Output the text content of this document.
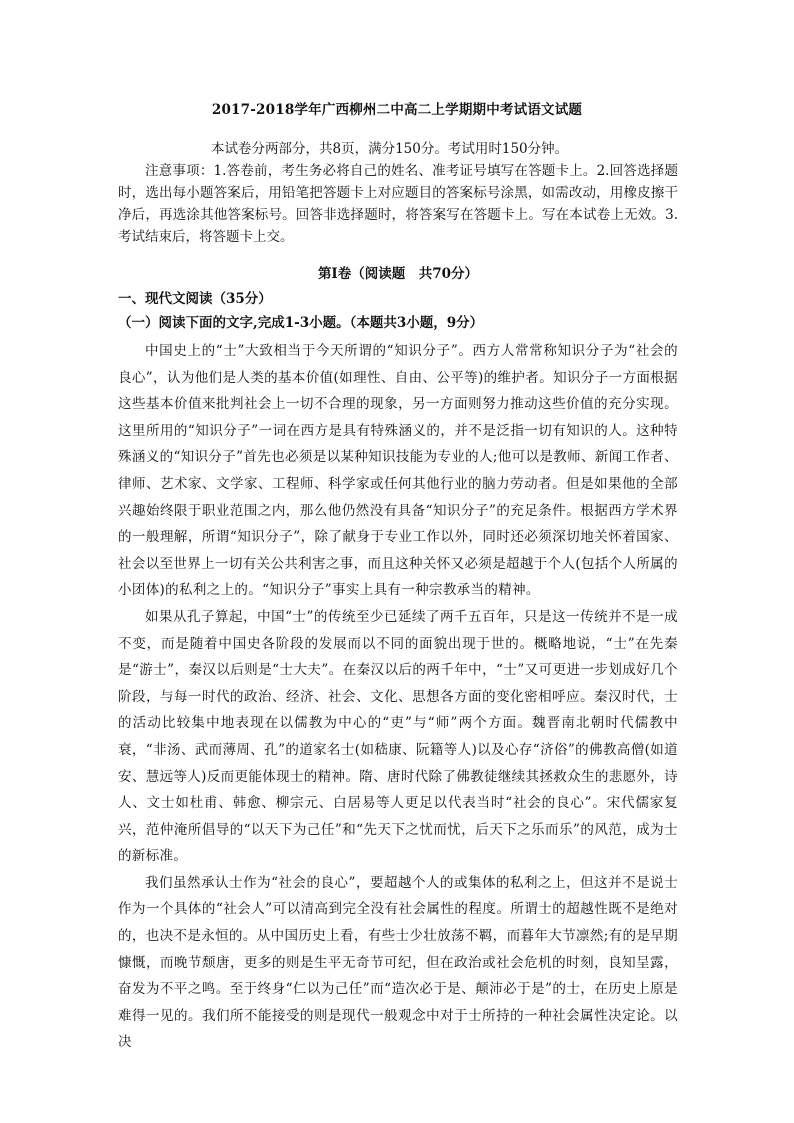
2017-2018学年广西柳州二中高二上学期期中考试语文试题

本试卷分两部分，共8页，满分150分。考试用时150分钟。

注意事项：1.答卷前，考生务必将自己的姓名、准考证号填写在答题卡上。2.回答选择题时，选出每小题答案后，用铅笔把答题卡上对应题目的答案标号涂黑，如需改动，用橡皮擦干净后，再选涂其他答案标号。回答非选择题时，将答案写在答题卡上。写在本试卷上无效。3.考试结束后，将答题卡上交。

第Ⅰ卷（阅读题　共70分）
一、现代文阅读（35分）
（一）阅读下面的文字,完成1-3小题。（本题共3小题，9分）

中国史上的“士”大致相当于今天所谓的“知识分子”。西方人常常称知识分子为“社会的良心”，认为他们是人类的基本价值(如理性、自由、公平等)的维护者。知识分子一方面根据这些基本价值来批判社会上一切不合理的现象，另一方面则努力推动这些价值的充分实现。这里所用的“知识分子”一词在西方是具有特殊涵义的，并不是泛指一切有知识的人。这种特殊涵义的“知识分子”首先也必须是以某种知识技能为专业的人;他可以是教师、新闻工作者、律师、艺术家、文学家、工程师、科学家或任何其他行业的脑力劳动者。但是如果他的全部兴趣始终限于职业范围之内，那么他仍然没有具备“知识分子”的充足条件。根据西方学术界的一般理解，所谓“知识分子”，除了献身于专业工作以外，同时还必须深切地关怀着国家、社会以至世界上一切有关公共利害之事，而且这种关怀又必须是超越于个人(包括个人所属的小团体)的私利之上的。“知识分子”事实上具有一种宗教承当的精神。

如果从孔子算起，中国“士”的传统至少已延续了两千五百年，只是这一传统并不是一成不变，而是随着中国史各阶段的发展而以不同的面貌出现于世的。概略地说，“士”在先秦是“游士”，秦汉以后则是“士大夫”。在秦汉以后的两千年中，“士”又可更进一步划成好几个阶段，与每一时代的政治、经济、社会、文化、思想各方面的变化密相呼应。秦汉时代，士的活动比较集中地表现在以儒教为中心的“吏”与“师”两个方面。魏晋南北朝时代儒教中衰，“非汤、武而薄周、孔”的道家名士(如嵇康、阮籍等人)以及心存“济俗”的佛教高僧(如道安、慧远等人)反而更能体现士的精神。隋、唐时代除了佛教徒继续其拯救众生的悲愿外，诗人、文士如杜甫、韩愈、柳宗元、白居易等人更足以代表当时“社会的良心”。宋代儒家复兴，范仲淹所倡导的“以天下为己任”和“先天下之忧而忧，后天下之乐而乐”的风范，成为士的新标准。

我们虽然承认士作为“社会的良心”，要超越个人的或集体的私利之上，但这并不是说士作为一个具体的“社会人”可以清高到完全没有社会属性的程度。所谓士的超越性既不是绝对的，也决不是永恒的。从中国历史上看，有些士少壮放荡不羁，而暮年大节凛然;有的是早期慷慨，而晚节颓唐，更多的则是生平无奇节可纪，但在政治或社会危机的时刻，良知呈露，奋发为不平之鸣。至于终身“仁以为己任”而“造次必于是、颠沛必于是”的士，在历史上原是难得一见的。我们所不能接受的则是现代一般观念中对于士所持的一种社会属性决定论。以决
